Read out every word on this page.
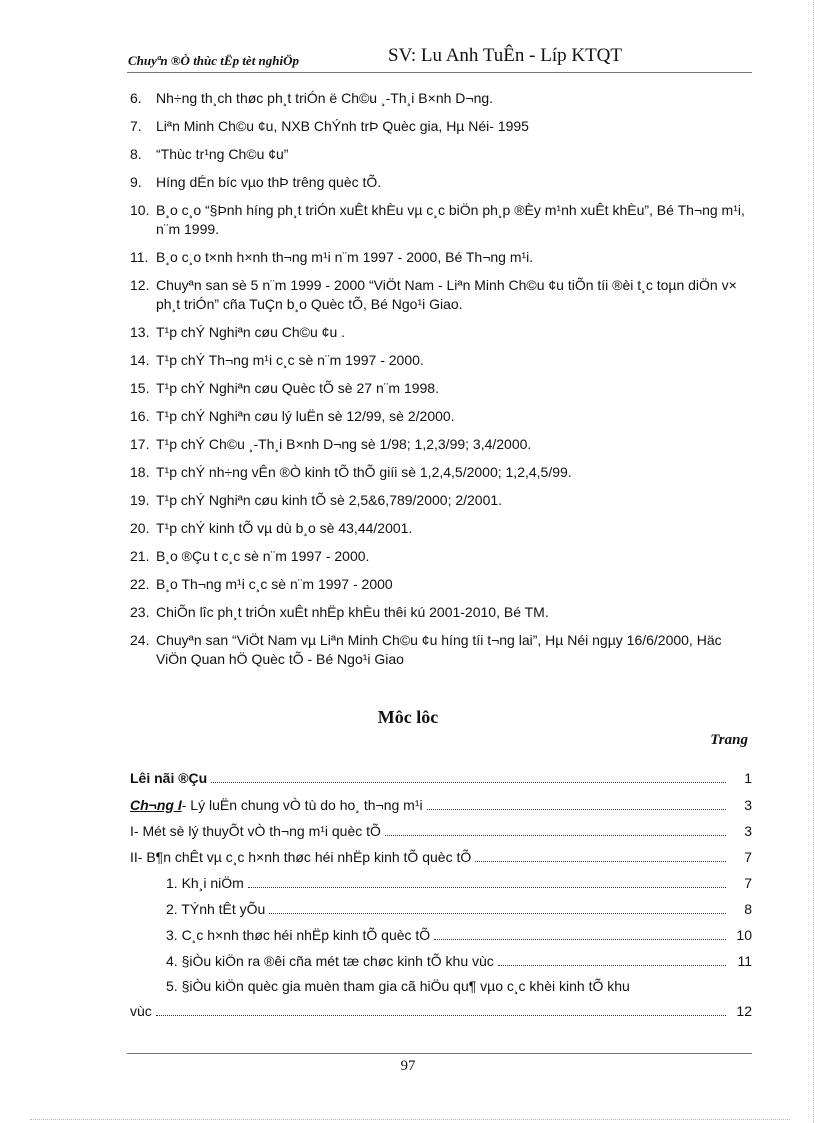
Chuyªn ®Ò thùc tËp tèt nghiÖp	SV: Lu Anh TuÊn - Líp KTQT
6.	Nh÷ng th¸ch thøc ph¸t triÓn ë Ch©u ¸-Th¸i B×nh D¬ng.
7.	Liªn Minh Ch©u ¢u, NXB ChÝnh trÞ Quèc gia, Hµ Néi- 1995
8.	“Thùc tr¹ng Ch©u ¢u”
9.	Híng dÉn bíc vµo thÞ trêng quèc tÕ.
10. B¸o c¸o “§Þnh híng ph¸t triÓn xuÊt khÈu vµ c¸c biÖn ph¸p ®Èy m¹nh xuÊt khÈu”, Bé Th¬ng m¹i, n¨m 1999.
11. B¸o c¸o t×nh h×nh th¬ng m¹i n¨m 1997 - 2000, Bé Th¬ng m¹i.
12. Chuyªn san sè 5 n¨m 1999 - 2000 “ViÖt Nam - Liªn Minh Ch©u ¢u tiÕn tíi ®èi t¸c toµn diÖn v× ph¸t triÓn” cña TuÇn b¸o Quèc tÕ, Bé Ngo¹i Giao.
13. T¹p chÝ Nghiªn cøu Ch©u ¢u .
14. T¹p chÝ Th¬ng m¹i c¸c sè n¨m 1997 - 2000.
15. T¹p chÝ Nghiªn cøu Quèc tÕ sè 27 n¨m 1998.
16. T¹p chÝ Nghiªn cøu lý luËn sè 12/99, sè 2/2000.
17. T¹p chÝ Ch©u ¸-Th¸i B×nh D¬ng sè 1/98; 1,2,3/99; 3,4/2000.
18. T¹p chÝ nh÷ng vÊn ®Ò kinh tÕ thÕ giíi sè 1,2,4,5/2000; 1,2,4,5/99.
19. T¹p chÝ Nghiªn cøu kinh tÕ sè 2,5&6,789/2000; 2/2001.
20. T¹p chÝ kinh tÕ vµ dù b¸o sè 43,44/2001.
21. B¸o ®Çu t c¸c sè n¨m 1997 - 2000.
22. B¸o Th¬ng m¹i c¸c sè n¨m 1997 - 2000
23. ChiÕn lîc ph¸t triÓn xuÊt nhËp khÈu thêi kú 2001-2010, Bé TM.
24. Chuyªn san “ViÖt Nam vµ Liªn Minh Ch©u ¢u híng tíi t¬ng lai”, Hµ Néi ngµy 16/6/2000, Häc ViÖn Quan hÖ Quèc tÕ - Bé Ngo¹i Giao
Môc lôc
Trang
Lêi nãi ®Çu	1
Ch¬ng I- Lý luËn chung vÒ tù do ho¸ th¬ng m¹i	3
I- Mét sè lý thuyÕt vÒ th¬ng m¹i quèc tÕ	3
II- B¶n chÊt vµ c¸c h×nh thøc héi nhËp kinh tÕ quèc tÕ	7
1. Kh¸i niÖm	7
2. TÝnh tÊt yÕu	8
3. C¸c h×nh thøc héi nhËp kinh tÕ quèc tÕ	10
4. §iÒu kiÖn ra ®êi cña mét tæ chøc kinh tÕ khu vùc	11
5. §iÒu kiÖn quèc gia muèn tham gia cã hiÖu qu¶ vµo c¸c khèi kinh tÕ khu
vùc	12
97
